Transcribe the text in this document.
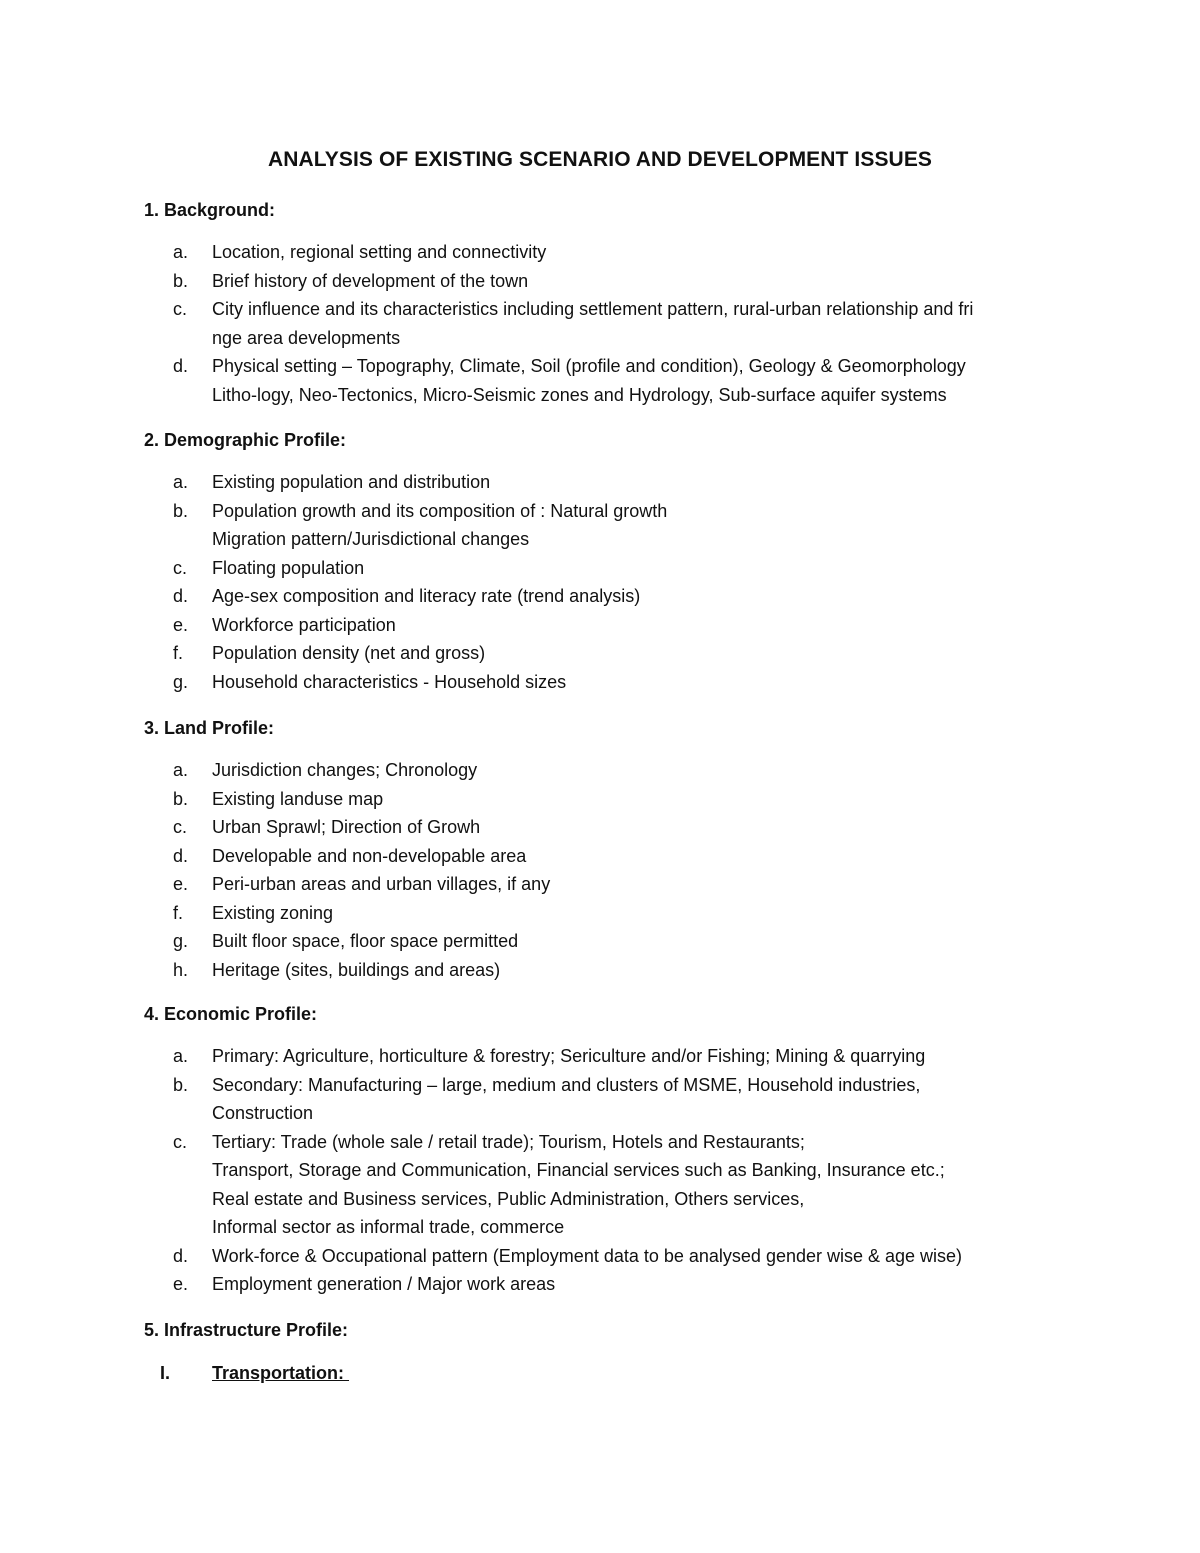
ANALYSIS OF EXISTING SCENARIO AND DEVELOPMENT ISSUES
1. Background:
a.	Location, regional setting and connectivity
b.	Brief history of development of the town
c.	City influence and its characteristics including settlement pattern, rural-urban relationship and fri
nge area developments
d.	Physical setting – Topography, Climate, Soil (profile and condition), Geology & Geomorphology
Litho-logy, Neo-Tectonics, Micro-Seismic zones and Hydrology, Sub-surface aquifer systems
2. Demographic Profile:
a.	Existing population and distribution
b.	Population growth and its composition of : Natural growth
Migration pattern/Jurisdictional changes
c.	Floating population
d.	Age-sex composition and literacy rate (trend analysis)
e.	Workforce participation
f.	Population density (net and gross)
g.	Household characteristics - Household sizes
3. Land Profile:
a.	Jurisdiction changes; Chronology
b.	Existing landuse map
c.	Urban Sprawl; Direction of Growh
d.	Developable and non-developable area
e.	Peri-urban areas and urban villages, if any
f.	Existing zoning
g.	Built floor space, floor space permitted
h.	Heritage (sites, buildings and areas)
4. Economic Profile:
a.	Primary: Agriculture, horticulture & forestry; Sericulture and/or Fishing; Mining & quarrying
b.	Secondary: Manufacturing – large, medium and clusters of MSME, Household industries,
Construction
c.	Tertiary: Trade (whole sale / retail trade); Tourism, Hotels and Restaurants;
Transport, Storage and Communication, Financial services such as Banking, Insurance etc.;
Real estate and Business services, Public Administration, Others services,
Informal sector as informal trade, commerce
d.	Work-force & Occupational pattern (Employment data to be analysed gender wise & age wise)
e.	Employment generation / Major work areas
5. Infrastructure Profile:
I. Transportation:
